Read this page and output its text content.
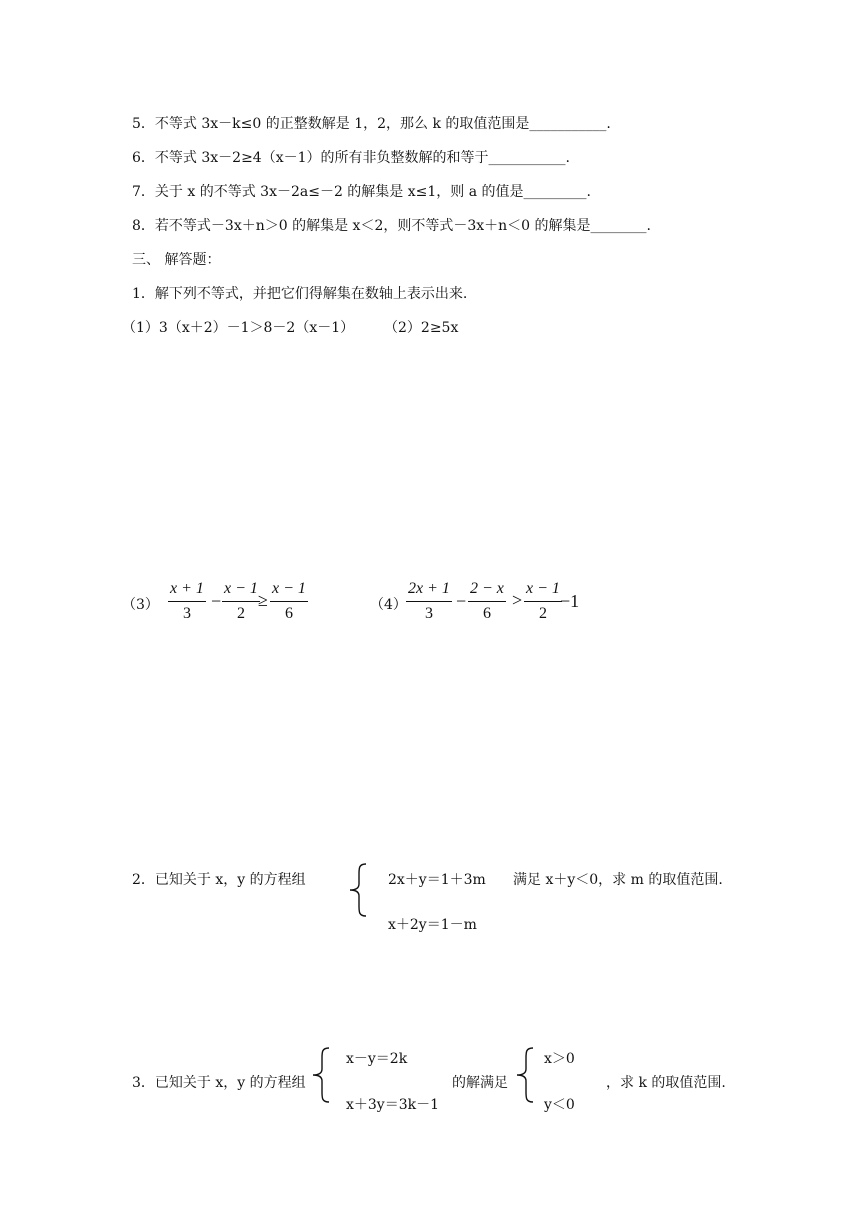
5．不等式 3x－k≤0 的正整数解是 1，2，那么 k 的取值范围是___________.
6．不等式 3x－2≥4（x－1）的所有非负整数解的和等于___________.
7．关于 x 的不等式 3x－2a≤－2 的解集是 x≤1，则 a 的值是_________.
8．若不等式－3x＋n＞0 的解集是 x＜2，则不等式－3x＋n＜0 的解集是________.
三、 解答题：
1．解下列不等式，并把它们得解集在数轴上表示出来.
（1）3（x＋2）－1＞8－2（x－1） （2）2≥5x
$(3) \frac{x + 1}{3} - \frac{x - 1}{2}$
≥ $\frac{x - 1}{6}$	$(4) \frac{2x + 1}{3} - \frac{2 - x}{6} > \frac{x - 1}{2}$
−1
2．已知关于 x，y 的方程组	2x＋y＝1＋3m
x＋2y＝1－m
满足 x＋y＜0，求 m 的取值范围.
3．已知关于 x，y 的方程组
x－y＝2k
x＋3y＝3k－1
的解满足
x＞0
y＜0
，求 k 的取值范围.
